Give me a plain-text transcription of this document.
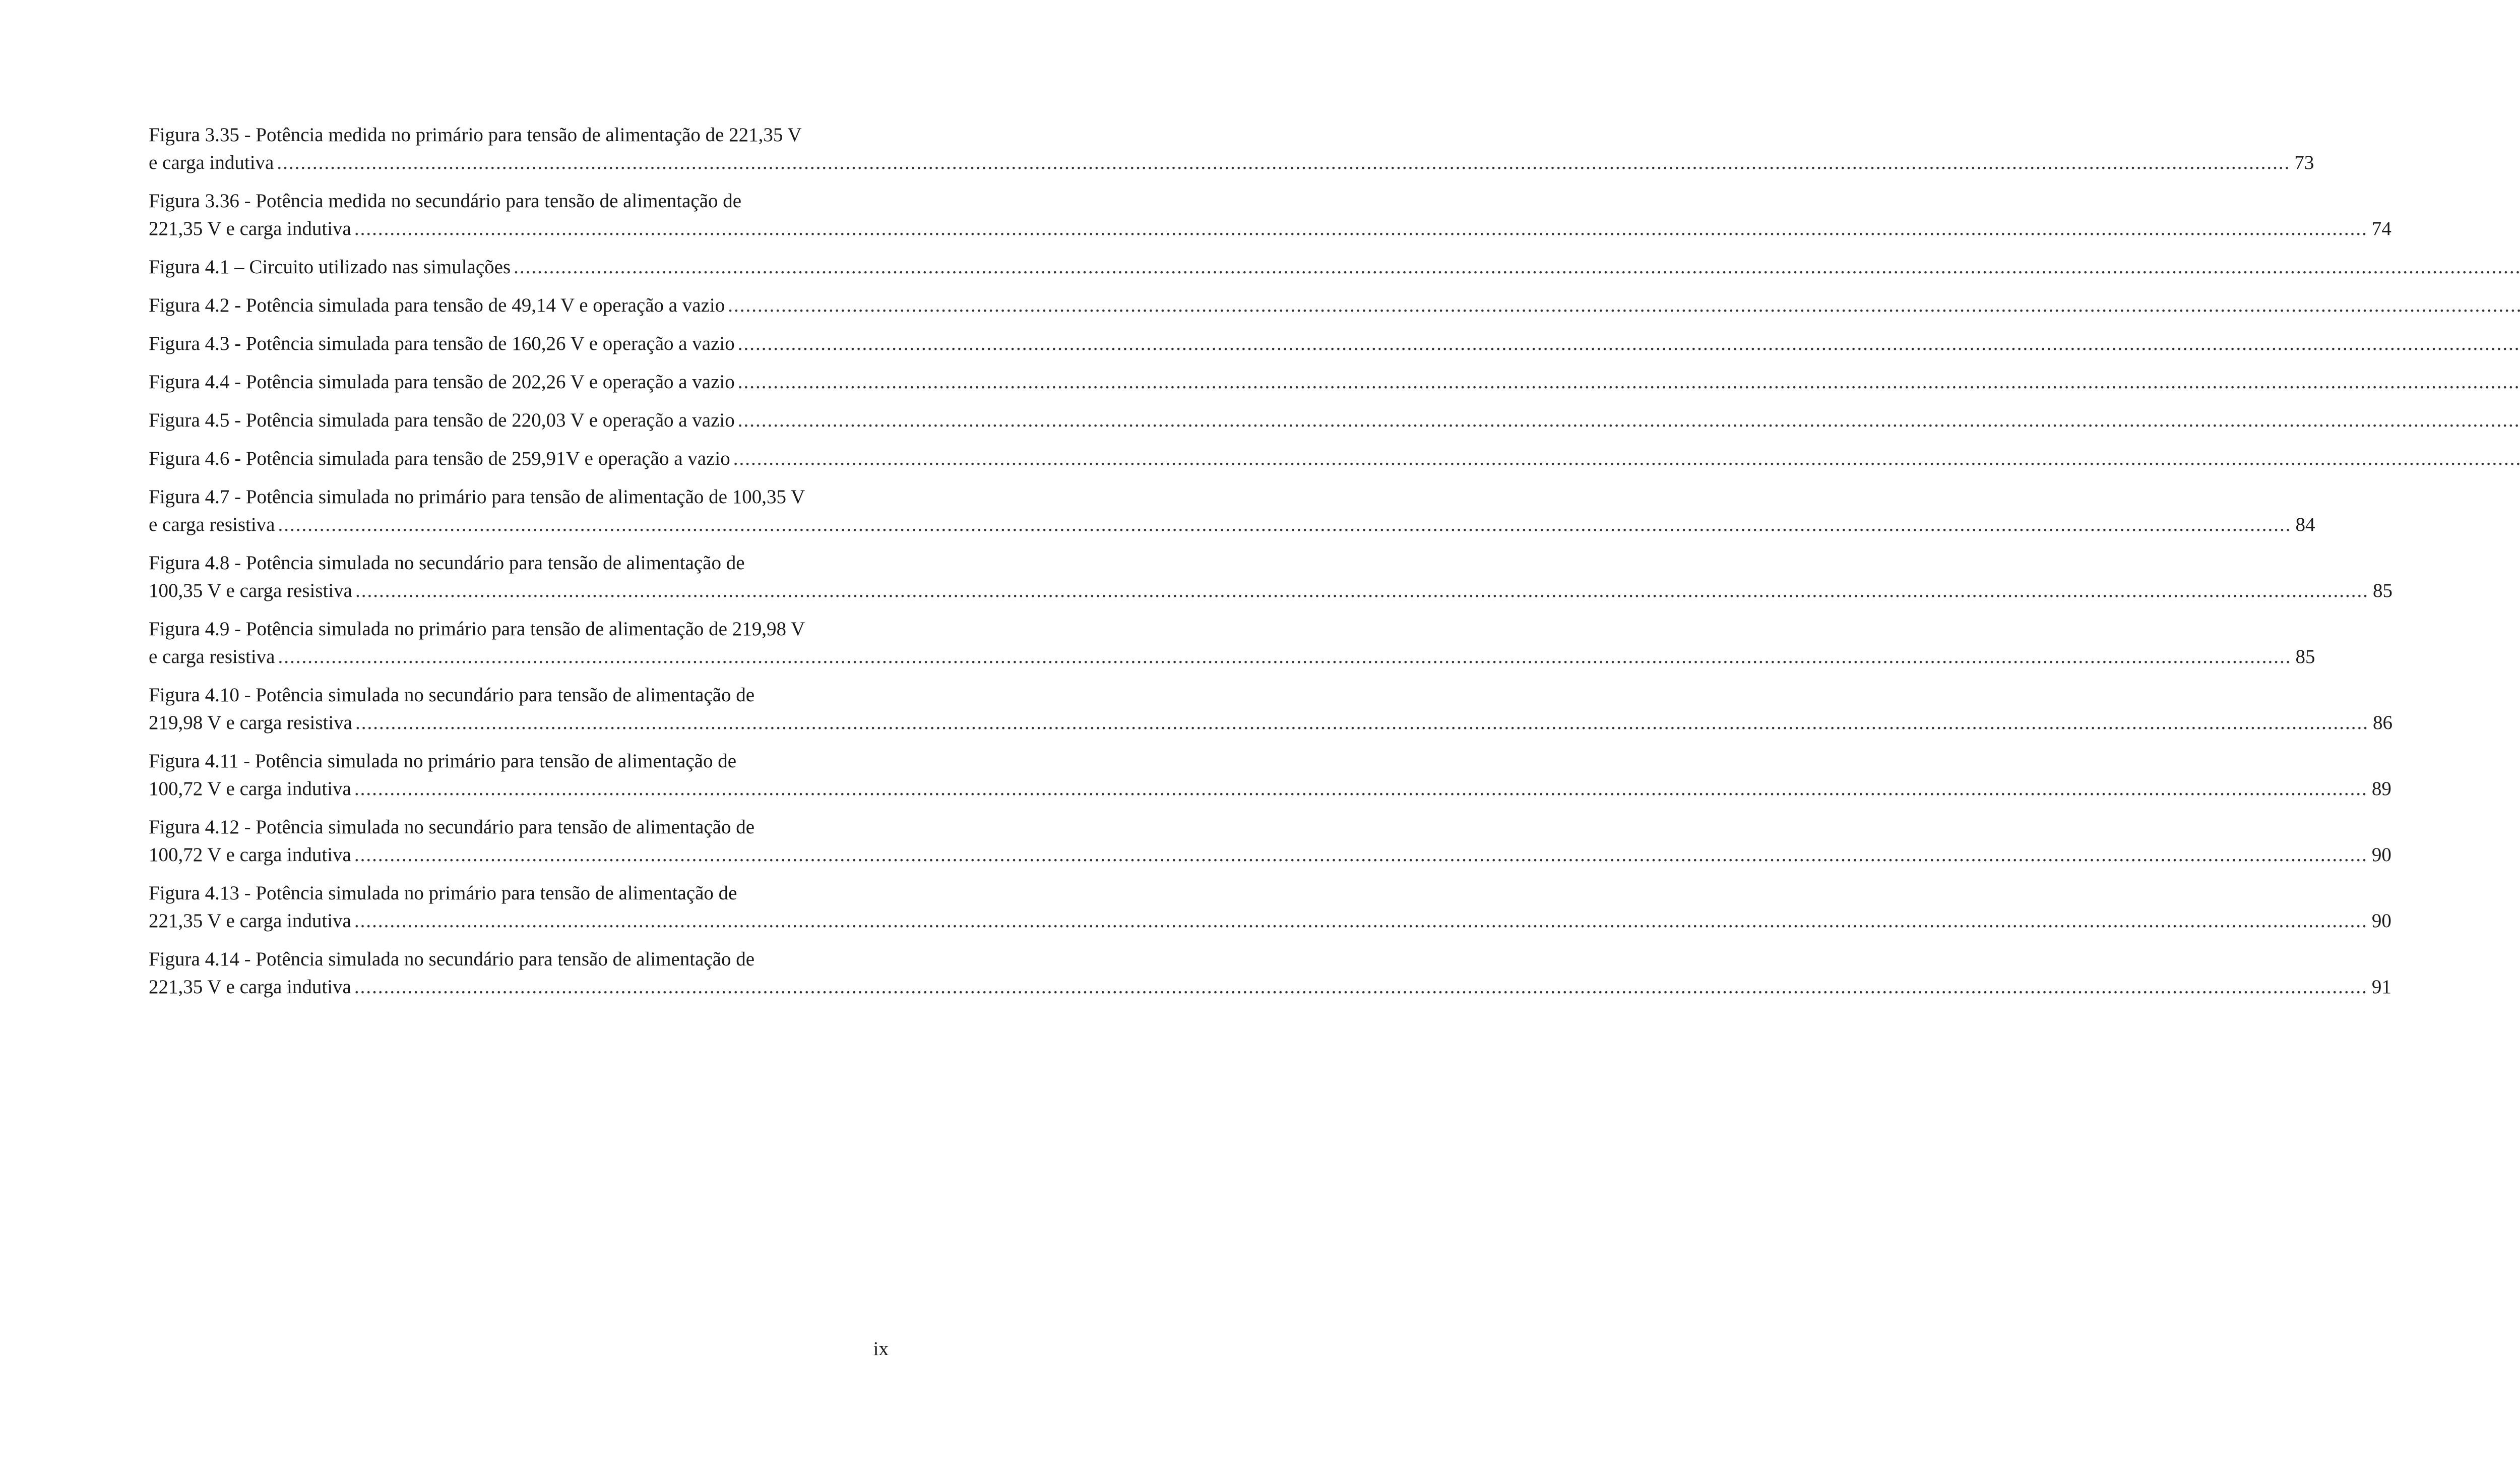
Figura 3.35 - Potência medida no primário para tensão de alimentação de 221,35 V
e carga indutiva .....	73
Figura 3.36 - Potência medida no secundário para tensão de alimentação de
221,35 V e carga indutiva .....	74
Figura 4.1 – Circuito utilizado nas simulações
.....
Figura 4.2 - Potência simulada para tensão de 49,14 V e operação a vazio
.....
Figura 4.3 - Potência simulada para tensão de 160,26 V e operação a vazio
.....
Figura 4.4 - Potência simulada para tensão de 202,26 V e operação a vazio
.....
Figura 4.5 - Potência simulada para tensão de 220,03 V e operação a vazio
.....
Figura 4.6 - Potência simulada para tensão de 259,91V e operação a vazio
.....
Figura 4.7 - Potência simulada no primário para tensão de alimentação de 100,35 V
e carga resistiva .....	84
Figura 4.8 - Potência simulada no secundário para tensão de alimentação de
100,35 V e carga resistiva .....	85
Figura 4.9 - Potência simulada no primário para tensão de alimentação de 219,98 V
e carga resistiva .....	85
Figura 4.10 - Potência simulada no secundário para tensão de alimentação de
219,98 V e carga resistiva .....	86
Figura 4.11 - Potência simulada no primário para tensão de alimentação de
100,72 V e carga indutiva .....	89
Figura 4.12 - Potência simulada no secundário para tensão de alimentação de
100,72 V e carga indutiva .....	90
Figura 4.13 - Potência simulada no primário para tensão de alimentação de
221,35 V e carga indutiva .....	90
Figura 4.14 - Potência simulada no secundário para tensão de alimentação de
221,35 V e carga indutiva .....	91
ix
